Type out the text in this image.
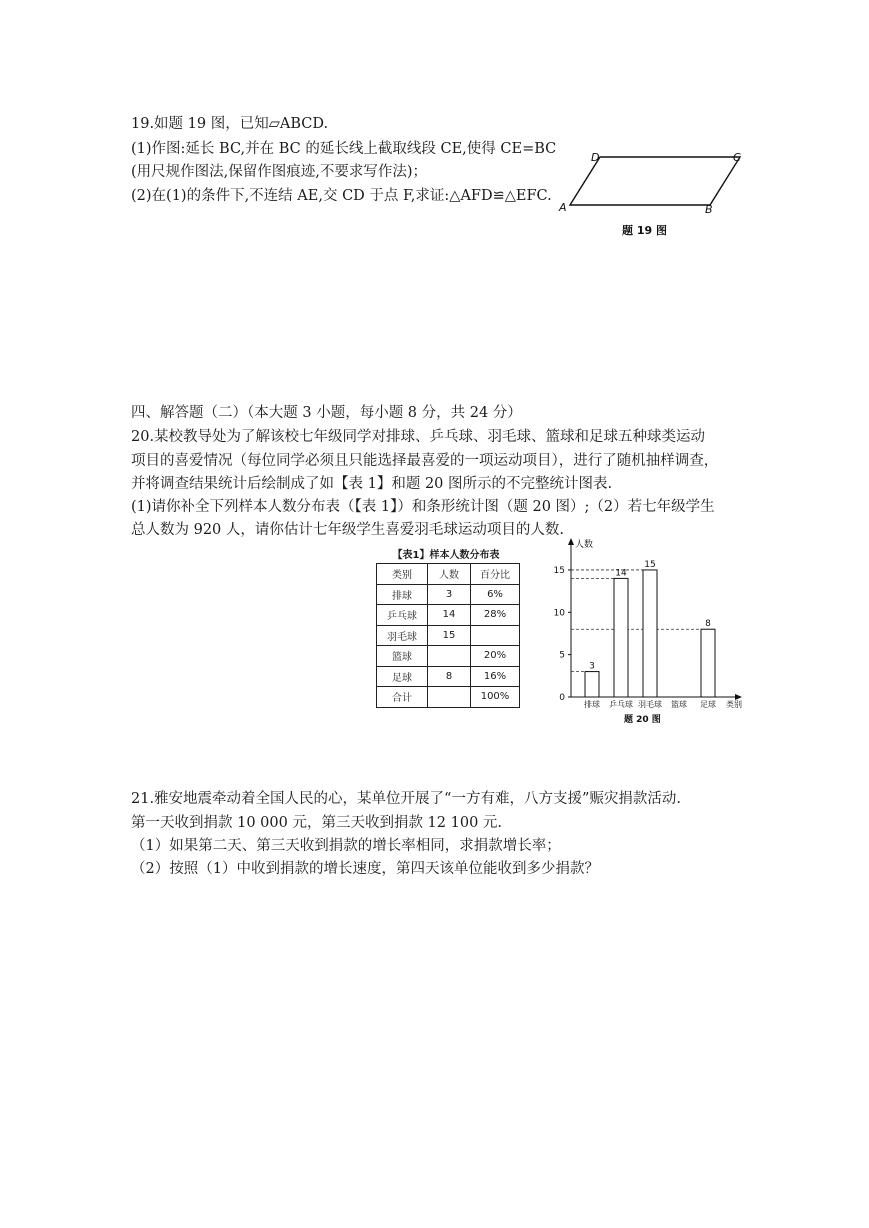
19.如题 19 图，已知▱ABCD.
(1)作图:延长 BC,并在 BC 的延长线上截取线段 CE,使得 CE=BC
(用尺规作图法,保留作图痕迹,不要求写作法)；
(2)在(1)的条件下,不连结 AE,交 CD 于点 F,求证:△AFD≌△EFC.
A	B
C
D
题 19 图
四、解答题（二）（本大题 3 小题，每小题 8 分，共 24 分）
20.某校教导处为了解该校七年级同学对排球、乒乓球、羽毛球、篮球和足球五种球类运动
项目的喜爱情况（每位同学必须且只能选择最喜爱的一项运动项目），进行了随机抽样调查，
并将调查结果统计后绘制成了如【表 1】和题 20 图所示的不完整统计图表.
(1)请你补全下列样本人数分布表（【表 1】）和条形统计图（题 20 图）;（2）若七年级学生
总人数为 920 人，请你估计七年级学生喜爱羽毛球运动项目的人数.
【表1】样本人数分布表
类别	人数	百分比
排球	3	6%
乒乓球	14	28%
羽毛球	15	
篮球		20%
足球	8	16%
合计		100%
人数
类别
题 20 图
0
5
10
15
3
排球
14
乒乓球
15
羽毛球 篮球
8
足球
21.雅安地震牵动着全国人民的心，某单位开展了“一方有难，八方支援”赈灾捐款活动.
第一天收到捐款 10 000 元，第三天收到捐款 12 100 元.
（1）如果第二天、第三天收到捐款的增长率相同，求捐款增长率；
（2）按照（1）中收到捐款的增长速度，第四天该单位能收到多少捐款？
